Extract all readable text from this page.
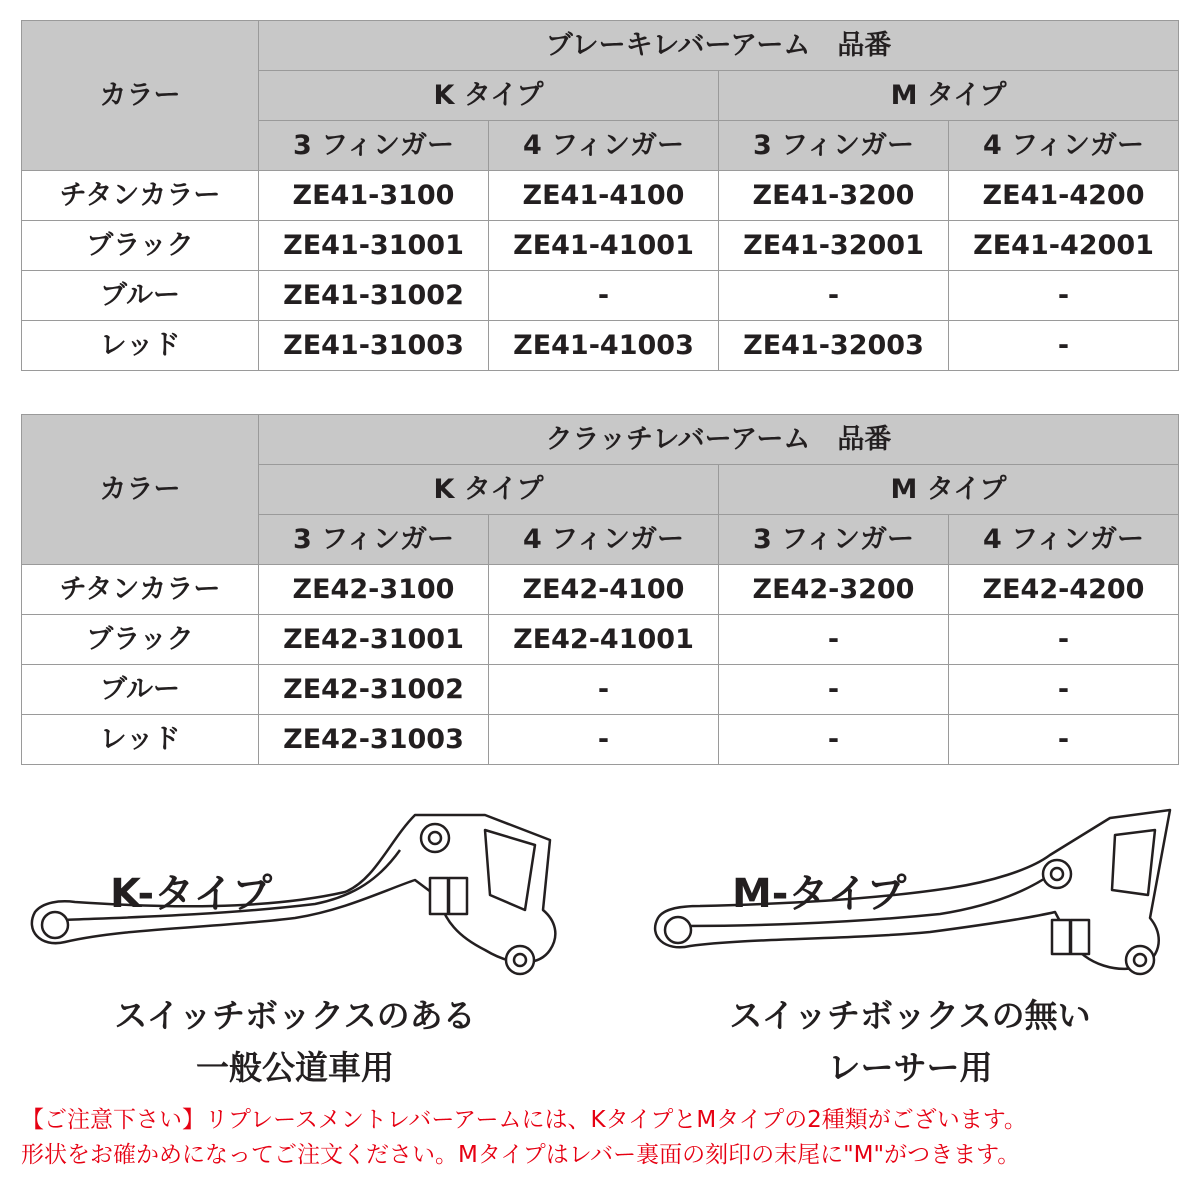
カラー	ブレーキレバーアーム　品番			
	K タイプ		M タイプ	
	3 フィンガー	4 フィンガー	3 フィンガー	4 フィンガー
チタンカラー	ZE41-3100	ZE41-4100	ZE41-3200	ZE41-4200
ブラック	ZE41-31001	ZE41-41001	ZE41-32001	ZE41-42001
ブルー	ZE41-31002	-	-	-
レッド	ZE41-31003	ZE41-41003	ZE41-32003	-
カラー	クラッチレバーアーム　品番			
	K タイプ		M タイプ	
	3 フィンガー	4 フィンガー	3 フィンガー	4 フィンガー
チタンカラー	ZE42-3100	ZE42-4100	ZE42-3200	ZE42-4200
ブラック	ZE42-31001	ZE42-41001	-	-
ブルー	ZE42-31002	-	-	-
レッド	ZE42-31003	-	-	-
K-タイプ	M-タイプ
スイッチボックスのある
一般公道車用
スイッチボックスの無い
レーサー用
【ご注意下さい】リプレースメントレバーアームには、KタイプとMタイプの2種類がございます。
形状をお確かめになってご注文ください。Mタイプはレバー裏面の刻印の末尾に"M"がつきます。
